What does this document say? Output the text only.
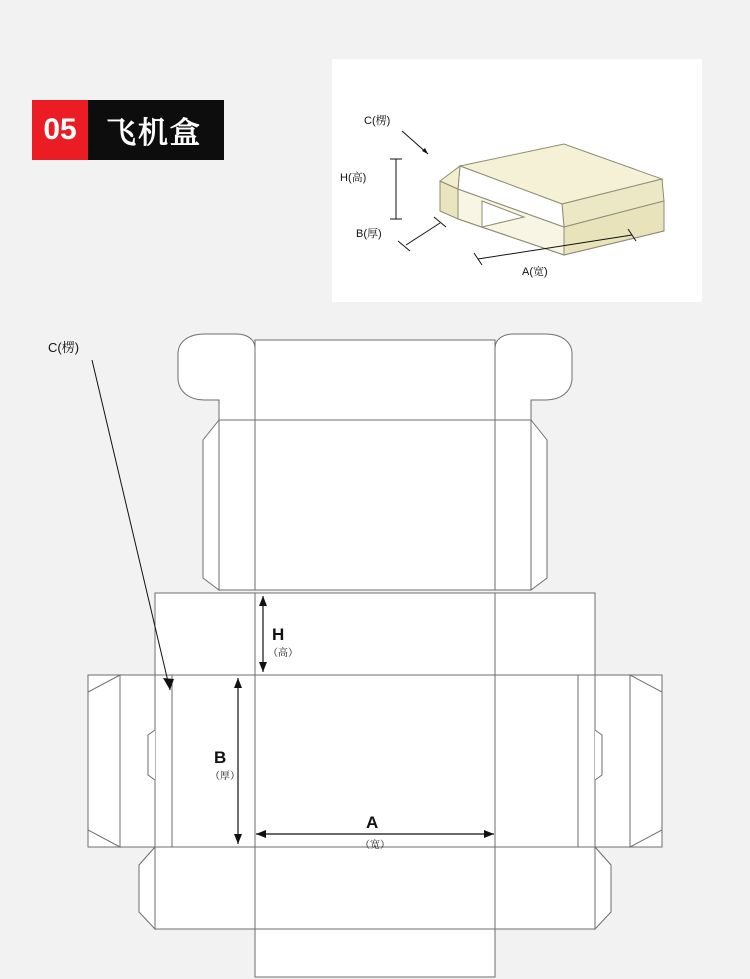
05 飞机盒	C(楞)
H(高)
B(厚)
A(宽)
C(楞)
H
（高）
B
（厚）
A
（宽）
